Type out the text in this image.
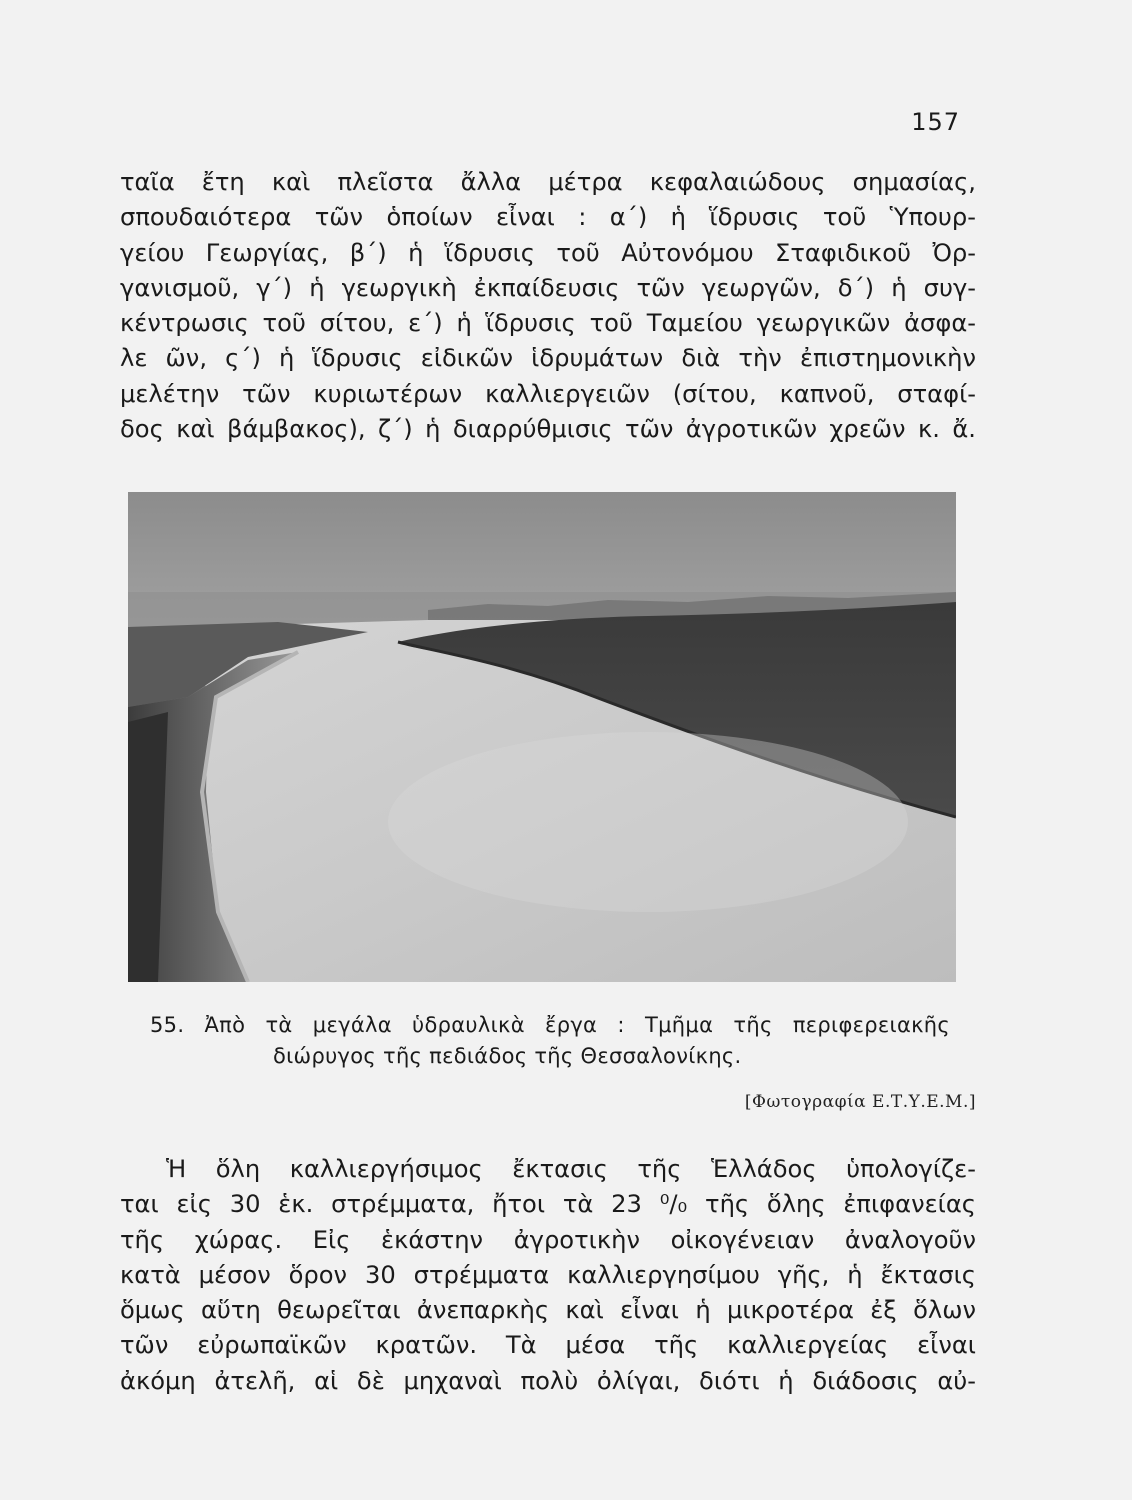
157
ταῖα ἔτη καὶ πλεῖστα ἄλλα μέτρα κεφαλαιώδους σημασίας,
σπουδαιότερα τῶν ὁποίων εἶναι : α΄) ἡ ἵδρυσις τοῦ Ὑπουρ-
γείου Γεωργίας, β΄) ἡ ἵδρυσις τοῦ Αὐτονόμου Σταφιδικοῦ Ὀρ-
γανισμοῦ, γ΄) ἡ γεωργικὴ ἐκπαίδευσις τῶν γεωργῶν, δ΄) ἡ συγ-
κέντρωσις τοῦ σίτου, ε΄) ἡ ἵδρυσις τοῦ Ταμείου γεωργικῶν ἀσφα-
λε ῶν, ς΄) ἡ ἵδρυσις εἰδικῶν ἱδρυμάτων διὰ τὴν ἐπιστημονικὴν
μελέτην τῶν κυριωτέρων καλλιεργειῶν (σίτου, καπνοῦ, σταφί-
δος καὶ βάμβακος), ζ΄) ἡ διαρρύθμισις τῶν ἀγροτικῶν χρεῶν κ. ἄ.
55. Ἀπὸ τὰ μεγάλα ὑδραυλικὰ ἔργα : Τμῆμα τῆς περιφερειακῆς
διώρυγος τῆς πεδιάδος τῆς Θεσσαλονίκης.
[Φωτογραφία Ε.Τ.Υ.Ε.Μ.]
Ἡ ὅλη καλλιεργήσιμος ἔκτασις τῆς Ἑλλάδος ὑπολογίζε-
ται εἰς 30 ἑκ. στρέμματα, ἤτοι τὰ 23 ⁰/₀ τῆς ὅλης ἐπιφανείας
τῆς χώρας. Εἰς ἑκάστην ἀγροτικὴν οἰκογένειαν ἀναλογοῦν
κατὰ μέσον ὅρον 30 στρέμματα καλλιεργησίμου γῆς, ἡ ἔκτασις
ὅμως αὕτη θεωρεῖται ἀνεπαρκὴς καὶ εἶναι ἡ μικροτέρα ἐξ ὅλων
τῶν εὐρωπαϊκῶν κρατῶν. Τὰ μέσα τῆς καλλιεργείας εἶναι
ἀκόμη ἀτελῆ, αἱ δὲ μηχαναὶ πολὺ ὀλίγαι, διότι ἡ διάδοσις αὐ-
